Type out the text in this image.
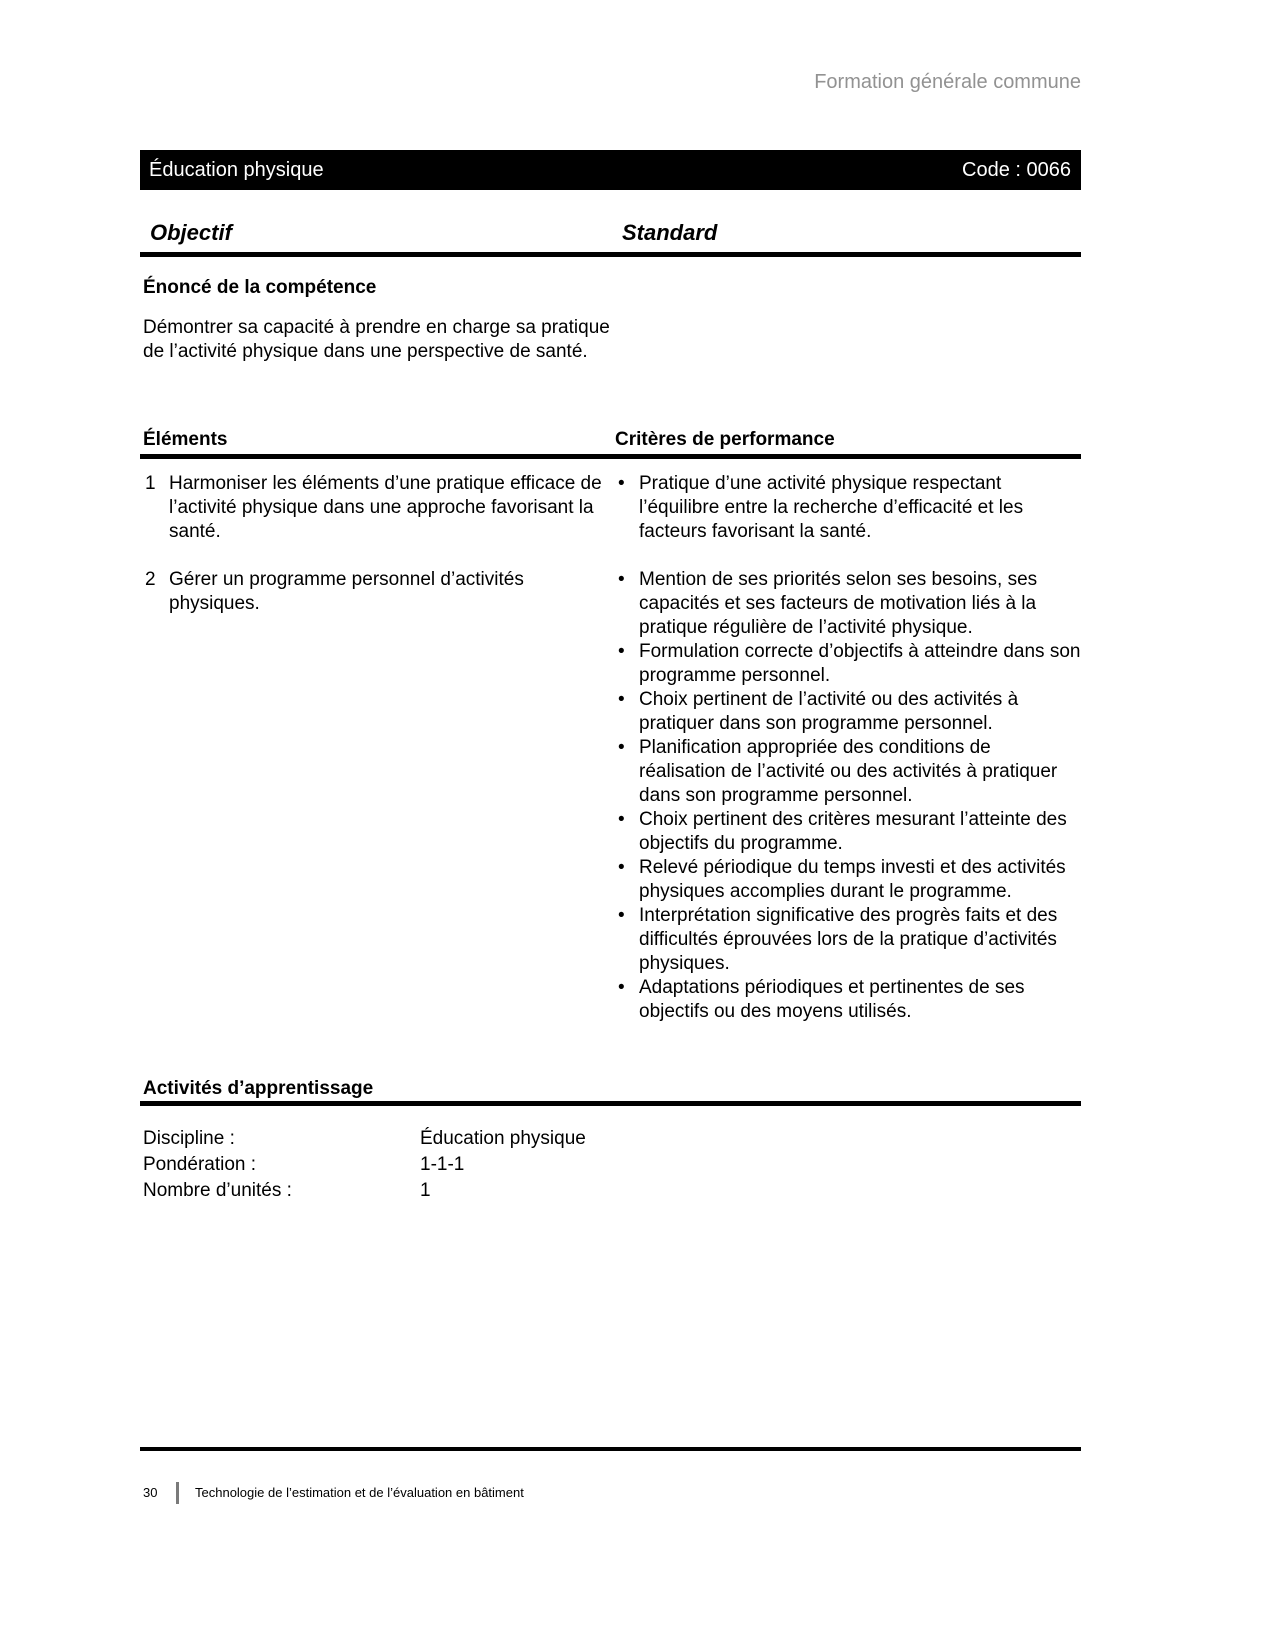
Formation générale commune
Éducation physique	Code : 0066
Objectif	Standard
Énoncé de la compétence
Démontrer sa capacité à prendre en charge sa pratique de l’activité physique dans une perspective de santé.
Éléments	Critères de performance
1 Harmoniser les éléments d’une pratique efficace de l’activité physique dans une approche favorisant la santé.
• Pratique d’une activité physique respectant l’équilibre entre la recherche d’efficacité et les facteurs favorisant la santé.
2 Gérer un programme personnel d’activités physiques.
• Mention de ses priorités selon ses besoins, ses capacités et ses facteurs de motivation liés à la pratique régulière de l’activité physique.
• Formulation correcte d’objectifs à atteindre dans son programme personnel.
• Choix pertinent de l’activité ou des activités à pratiquer dans son programme personnel.
• Planification appropriée des conditions de réalisation de l’activité ou des activités à pratiquer dans son programme personnel.
• Choix pertinent des critères mesurant l’atteinte des objectifs du programme.
• Relevé périodique du temps investi et des activités physiques accomplies durant le programme.
• Interprétation significative des progrès faits et des difficultés éprouvées lors de la pratique d’activités physiques.
• Adaptations périodiques et pertinentes de ses objectifs ou des moyens utilisés.
Activités d’apprentissage
Discipline :	Éducation physique
Pondération :	1-1-1
Nombre d’unités :	1
30	Technologie de l’estimation et de l’évaluation en bâtiment
